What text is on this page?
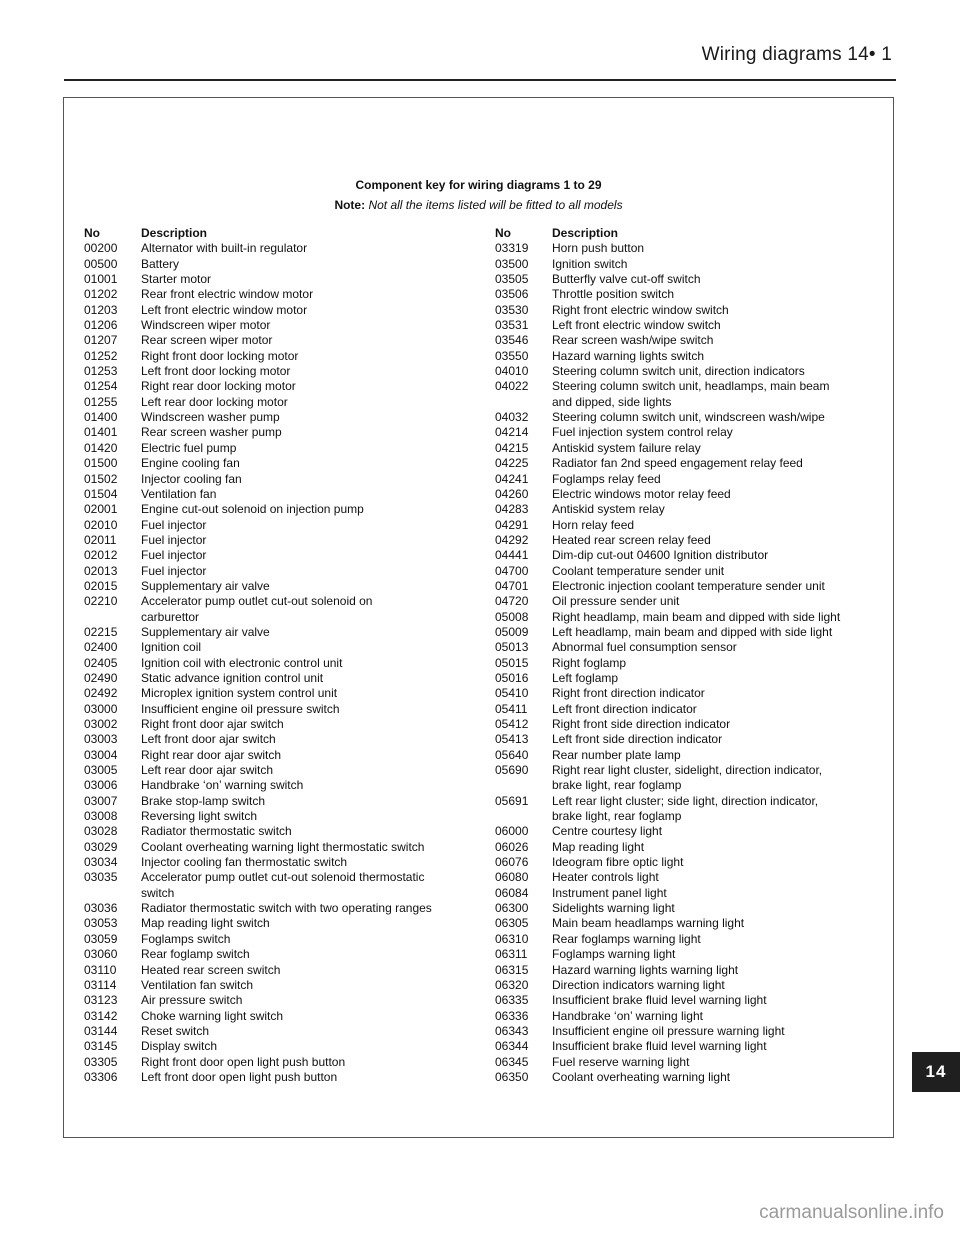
Wiring diagrams 14• 1
Component key for wiring diagrams 1 to 29
Note: Not all the items listed will be fitted to all models
No	Description
00200	Alternator with built-in regulator
00500	Battery
01001	Starter motor
01202	Rear front electric window motor
01203	Left front electric window motor
01206	Windscreen wiper motor
01207	Rear screen wiper motor
01252	Right front door locking motor
01253	Left front door locking motor
01254	Right rear door locking motor
01255	Left rear door locking motor
01400	Windscreen washer pump
01401	Rear screen washer pump
01420	Electric fuel pump
01500	Engine cooling fan
01502	Injector cooling fan
01504	Ventilation fan
02001	Engine cut-out solenoid on injection pump
02010	Fuel injector
02011	Fuel injector
02012	Fuel injector
02013	Fuel injector
02015	Supplementary air valve
02210	Accelerator pump outlet cut-out solenoid on
carburettor
02215	Supplementary air valve
02400	Ignition coil
02405	Ignition coil with electronic control unit
02490	Static advance ignition control unit
02492	Microplex ignition system control unit
03000	Insufficient engine oil pressure switch
03002	Right front door ajar switch
03003	Left front door ajar switch
03004	Right rear door ajar switch
03005	Left rear door ajar switch
03006	Handbrake ‘on’ warning switch
03007	Brake stop-lamp switch
03008	Reversing light switch
03028	Radiator thermostatic switch
03029	Coolant overheating warning light thermostatic switch
03034	Injector cooling fan thermostatic switch
03035	Accelerator pump outlet cut-out solenoid thermostatic
switch
03036	Radiator thermostatic switch with two operating ranges
03053	Map reading light switch
03059	Foglamps switch
03060	Rear foglamp switch
03110	Heated rear screen switch
03114	Ventilation fan switch
03123	Air pressure switch
03142	Choke warning light switch
03144	Reset switch
03145	Display switch
03305	Right front door open light push button
03306	Left front door open light push button
No	Description
03319	Horn push button
03500	Ignition switch
03505	Butterfly valve cut-off switch
03506	Throttle position switch
03530	Right front electric window switch
03531	Left front electric window switch
03546	Rear screen wash/wipe switch
03550	Hazard warning lights switch
04010	Steering column switch unit, direction indicators
04022	Steering column switch unit, headlamps, main beam
and dipped, side lights
04032	Steering column switch unit, windscreen wash/wipe
04214	Fuel injection system control relay
04215	Antiskid system failure relay
04225	Radiator fan 2nd speed engagement relay feed
04241	Foglamps relay feed
04260	Electric windows motor relay feed
04283	Antiskid system relay
04291	Horn relay feed
04292	Heated rear screen relay feed
04441	Dim-dip cut-out 04600 Ignition distributor
04700	Coolant temperature sender unit
04701	Electronic injection coolant temperature sender unit
04720	Oil pressure sender unit
05008	Right headlamp, main beam and dipped with side light
05009	Left headlamp, main beam and dipped with side light
05013	Abnormal fuel consumption sensor
05015	Right foglamp
05016	Left foglamp
05410	Right front direction indicator
05411	Left front direction indicator
05412	Right front side direction indicator
05413	Left front side direction indicator
05640	Rear number plate lamp
05690	Right rear light cluster, sidelight, direction indicator,
brake light, rear foglamp
05691	Left rear light cluster; side light, direction indicator,
brake light, rear foglamp
06000	Centre courtesy light
06026	Map reading light
06076	Ideogram fibre optic light
06080	Heater controls light
06084	Instrument panel light
06300	Sidelights warning light
06305	Main beam headlamps warning light
06310	Rear foglamps warning light
06311	Foglamps warning light
06315	Hazard warning lights warning light
06320	Direction indicators warning light
06335	Insufficient brake fluid level warning light
06336	Handbrake ‘on’ warning light
06343	Insufficient engine oil pressure warning light
06344	Insufficient brake fluid level warning light
06345	Fuel reserve warning light
06350	Coolant overheating warning light	14
carmanualsonline.info
